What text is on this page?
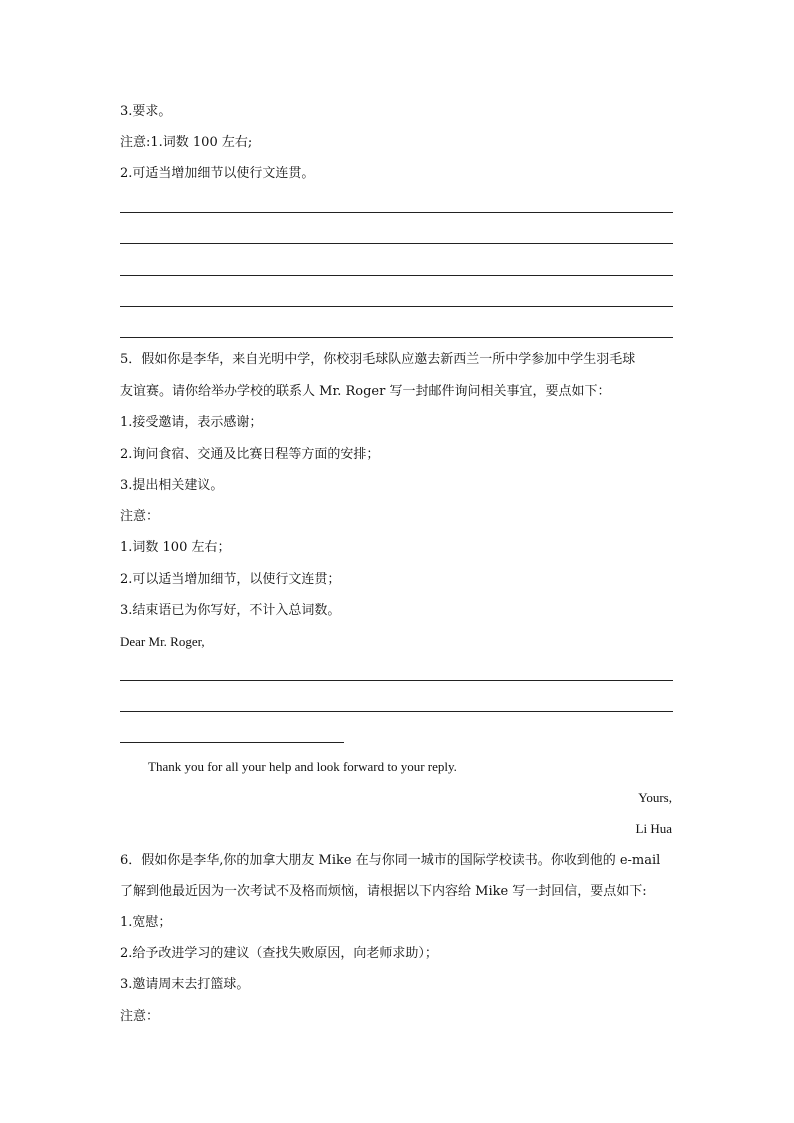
3.要求。
注意:1.词数 100 左右;
2.可适当增加细节以使行文连贯。
5．假如你是李华，来自光明中学，你校羽毛球队应邀去新西兰一所中学参加中学生羽毛球
友谊赛。请你给举办学校的联系人 Mr. Roger 写一封邮件询问相关事宜，要点如下：
1.接受邀请，表示感谢；
2.询问食宿、交通及比赛日程等方面的安排；
3.提出相关建议。
注意：
1.词数 100 左右；
2.可以适当增加细节，以使行文连贯；
3.结束语已为你写好，不计入总词数。
Dear Mr. Roger,
Thank you for all your help and look forward to your reply.
Yours,
Li Hua
6．假如你是李华,你的加拿大朋友 Mike 在与你同一城市的国际学校读书。你收到他的 e-mail
了解到他最近因为一次考试不及格而烦恼，请根据以下内容给 Mike 写一封回信，要点如下:
1.宽慰；
2.给予改进学习的建议（查找失败原因，向老师求助）；
3.邀请周末去打篮球。
注意：
